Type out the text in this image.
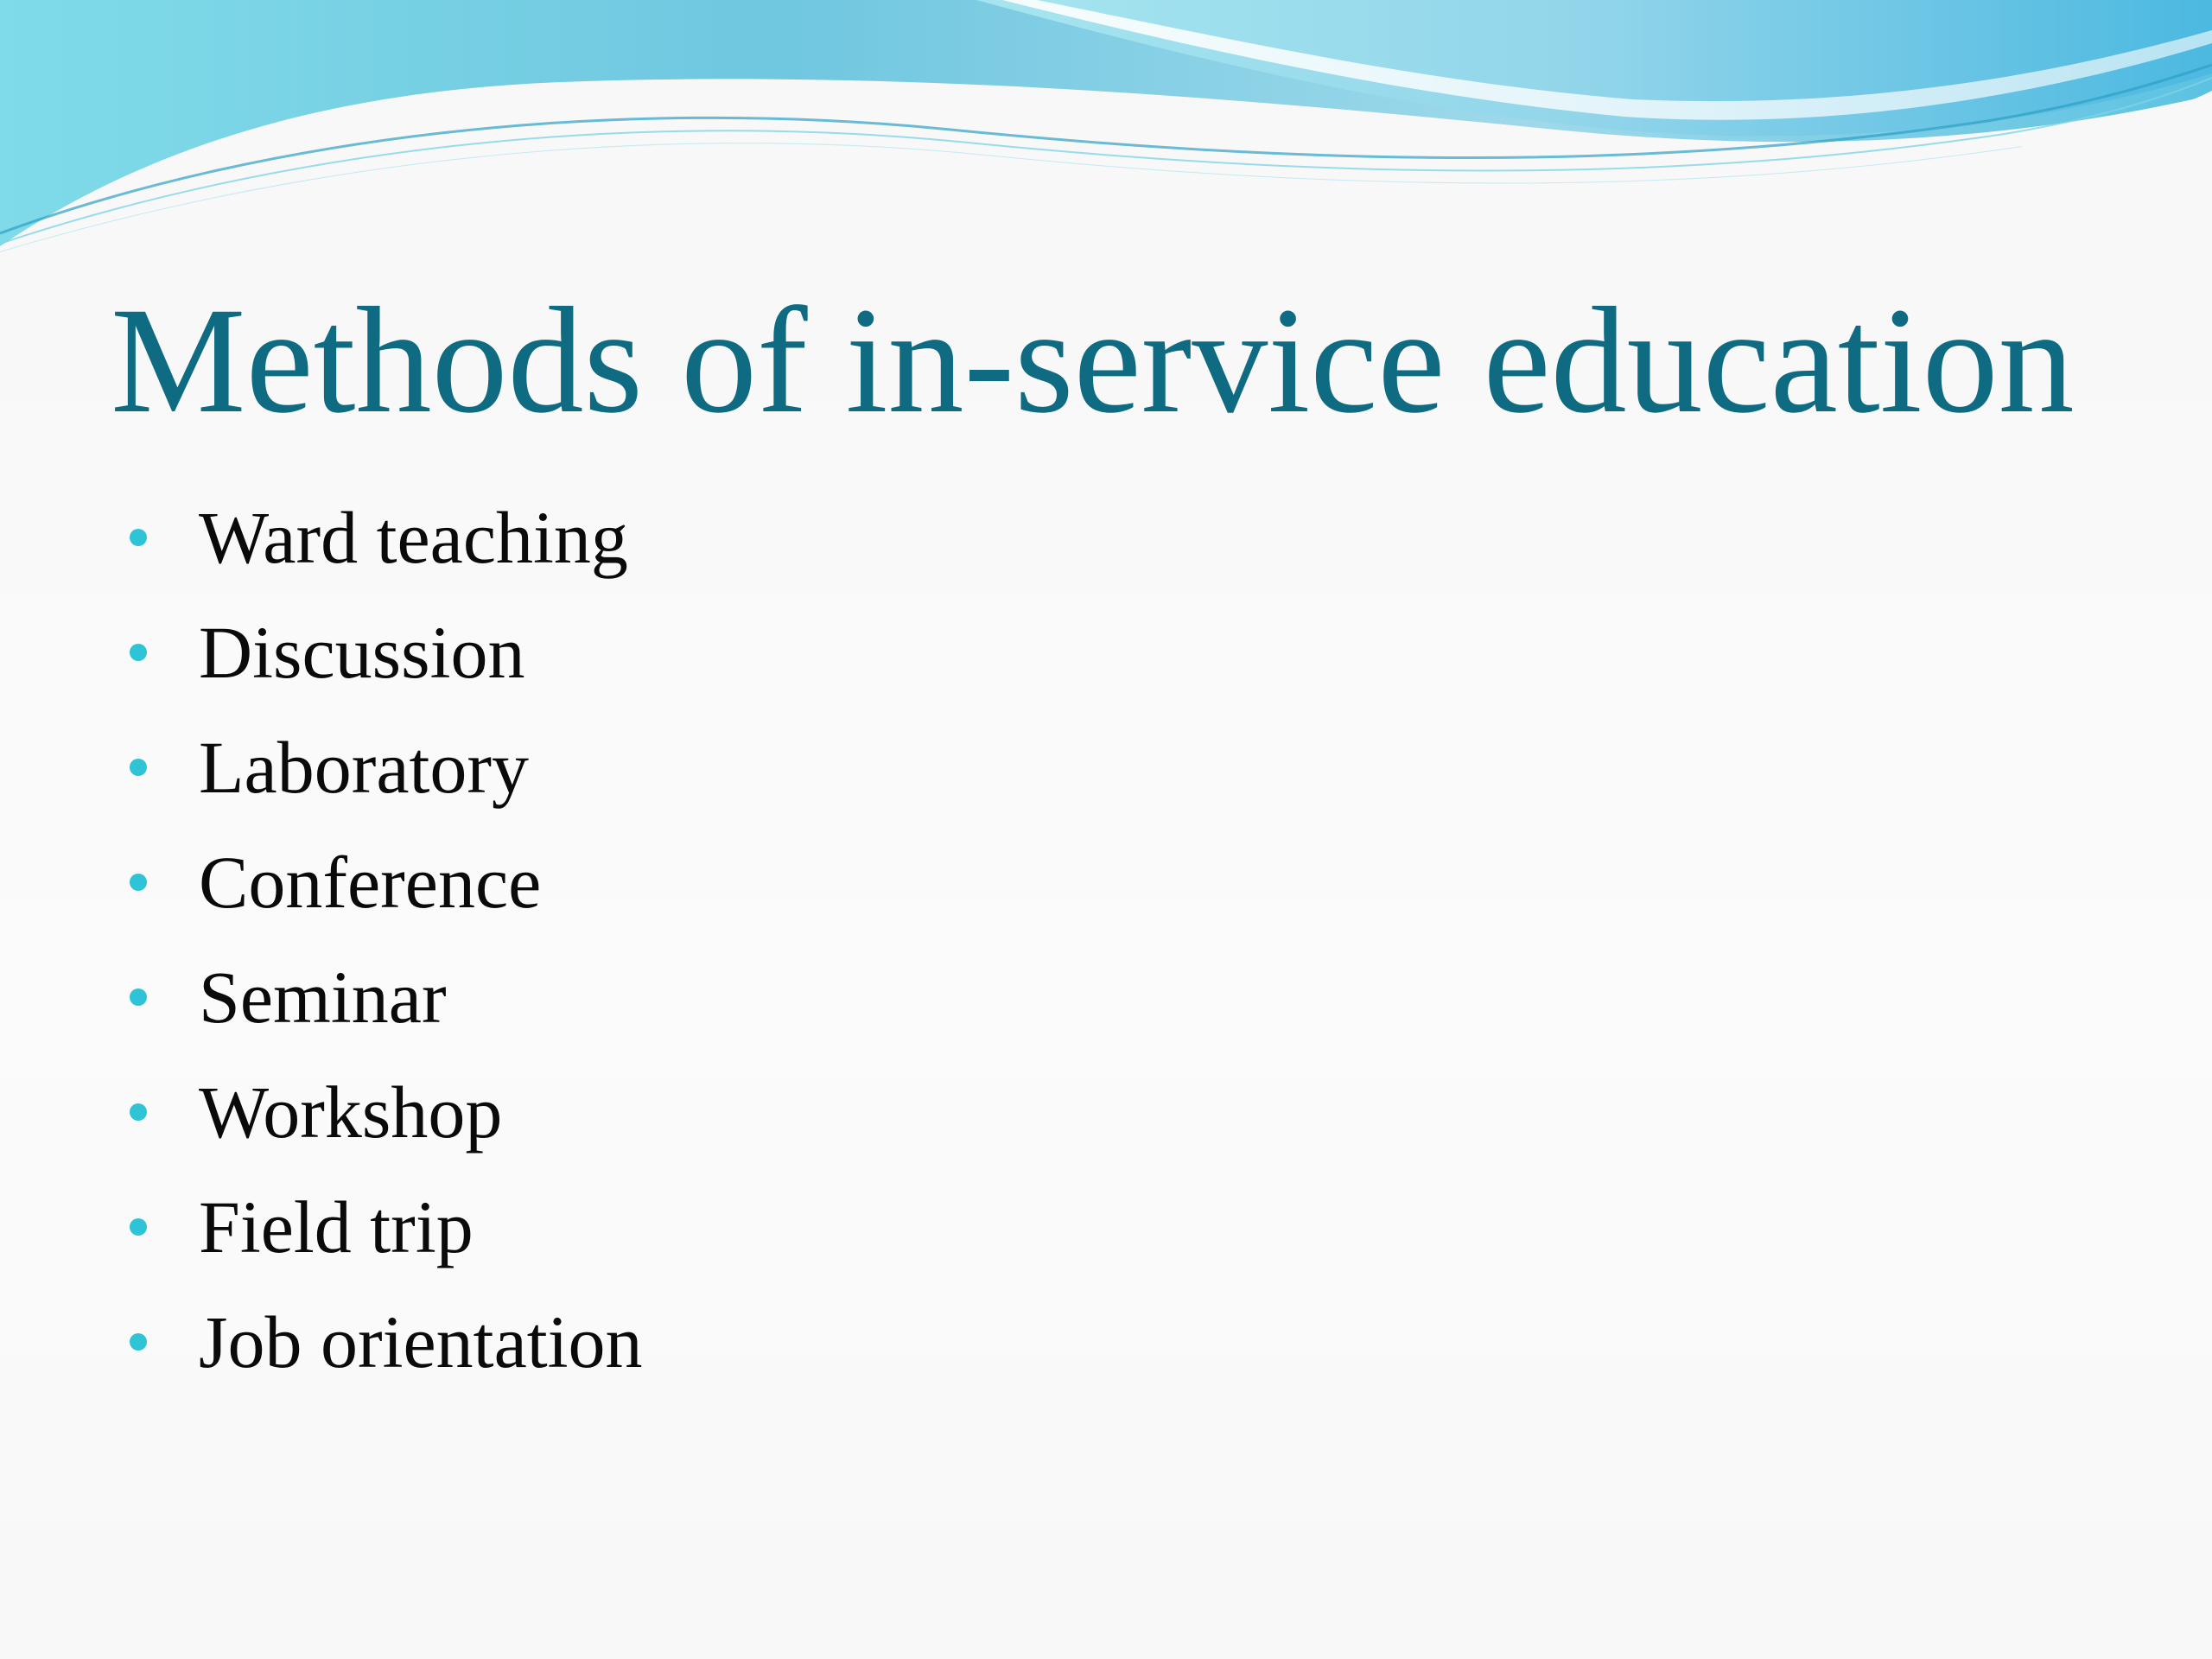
Methods of in-service education
Ward teaching
Discussion
Laboratory
Conference
Seminar
Workshop
Field trip
Job orientation
